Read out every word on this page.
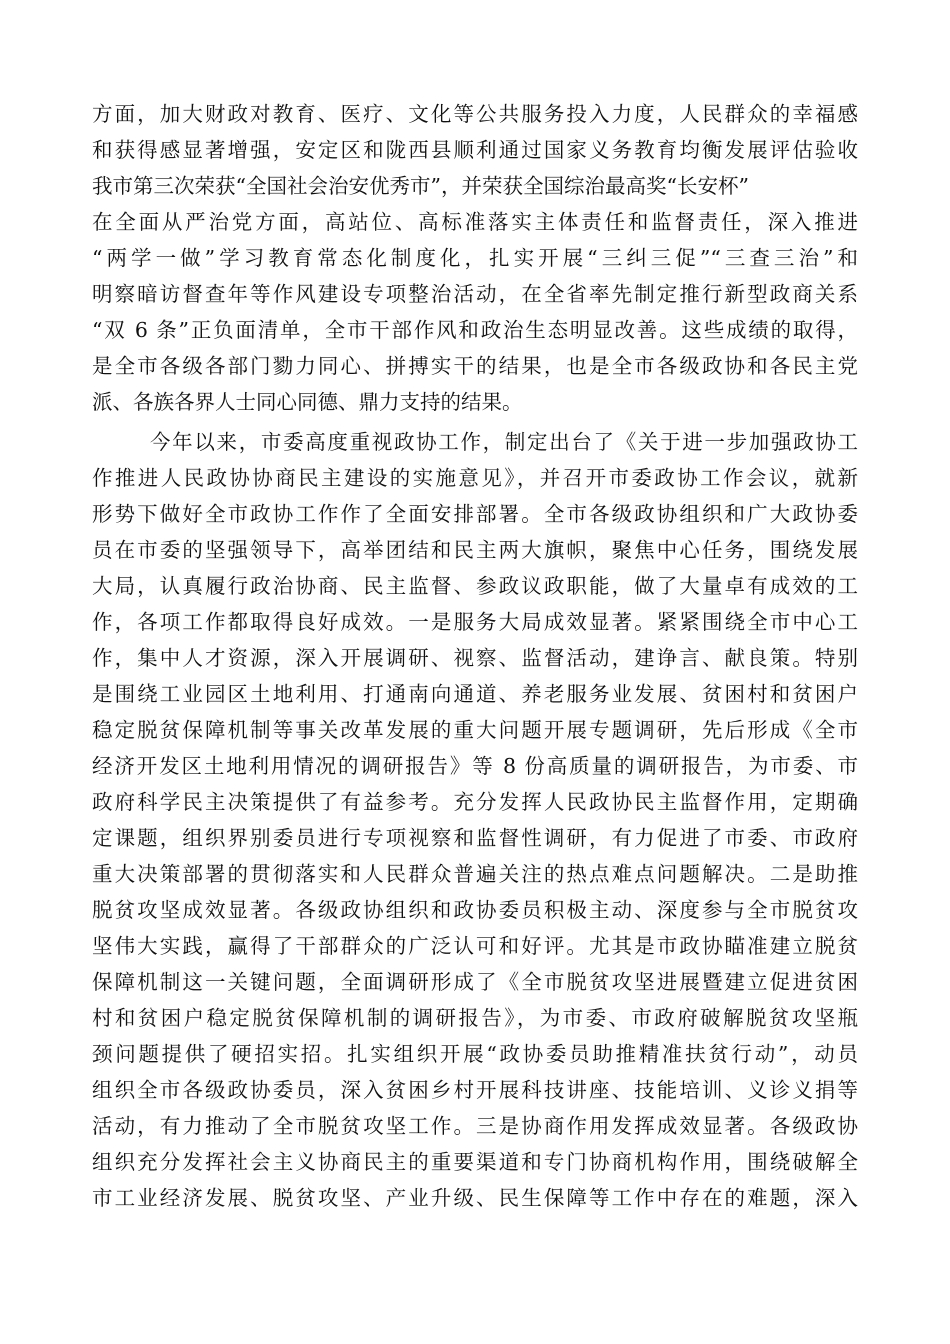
方面，加大财政对教育、医疗、文化等公共服务投入力度，人民群众的幸福感
和获得感显著增强，安定区和陇西县顺利通过国家义务教育均衡发展评估验收
我市第三次荣获“全国社会治安优秀市”，并荣获全国综治最高奖“长安杯”
在全面从严治党方面，高站位、高标准落实主体责任和监督责任，深入推进
“两学一做”学习教育常态化制度化，扎实开展“三纠三促”“三查三治”和
明察暗访督查年等作风建设专项整治活动，在全省率先制定推行新型政商关系
“双 6 条”正负面清单，全市干部作风和政治生态明显改善。这些成绩的取得，
是全市各级各部门勠力同心、拼搏实干的结果，也是全市各级政协和各民主党
派、各族各界人士同心同德、鼎力支持的结果。
今年以来，市委高度重视政协工作，制定出台了《关于进一步加强政协工
作推进人民政协协商民主建设的实施意见》，并召开市委政协工作会议，就新
形势下做好全市政协工作作了全面安排部署。全市各级政协组织和广大政协委
员在市委的坚强领导下，高举团结和民主两大旗帜，聚焦中心任务，围绕发展
大局，认真履行政治协商、民主监督、参政议政职能，做了大量卓有成效的工
作，各项工作都取得良好成效。一是服务大局成效显著。紧紧围绕全市中心工
作，集中人才资源，深入开展调研、视察、监督活动，建诤言、献良策。特别
是围绕工业园区土地利用、打通南向通道、养老服务业发展、贫困村和贫困户
稳定脱贫保障机制等事关改革发展的重大问题开展专题调研，先后形成《全市
经济开发区土地利用情况的调研报告》等 8 份高质量的调研报告，为市委、市
政府科学民主决策提供了有益参考。充分发挥人民政协民主监督作用，定期确
定课题，组织界别委员进行专项视察和监督性调研，有力促进了市委、市政府
重大决策部署的贯彻落实和人民群众普遍关注的热点难点问题解决。二是助推
脱贫攻坚成效显著。各级政协组织和政协委员积极主动、深度参与全市脱贫攻
坚伟大实践，赢得了干部群众的广泛认可和好评。尤其是市政协瞄准建立脱贫
保障机制这一关键问题，全面调研形成了《全市脱贫攻坚进展暨建立促进贫困
村和贫困户稳定脱贫保障机制的调研报告》，为市委、市政府破解脱贫攻坚瓶
颈问题提供了硬招实招。扎实组织开展“政协委员助推精准扶贫行动”，动员
组织全市各级政协委员，深入贫困乡村开展科技讲座、技能培训、义诊义捐等
活动，有力推动了全市脱贫攻坚工作。三是协商作用发挥成效显著。各级政协
组织充分发挥社会主义协商民主的重要渠道和专门协商机构作用，围绕破解全
市工业经济发展、脱贫攻坚、产业升级、民生保障等工作中存在的难题，深入
